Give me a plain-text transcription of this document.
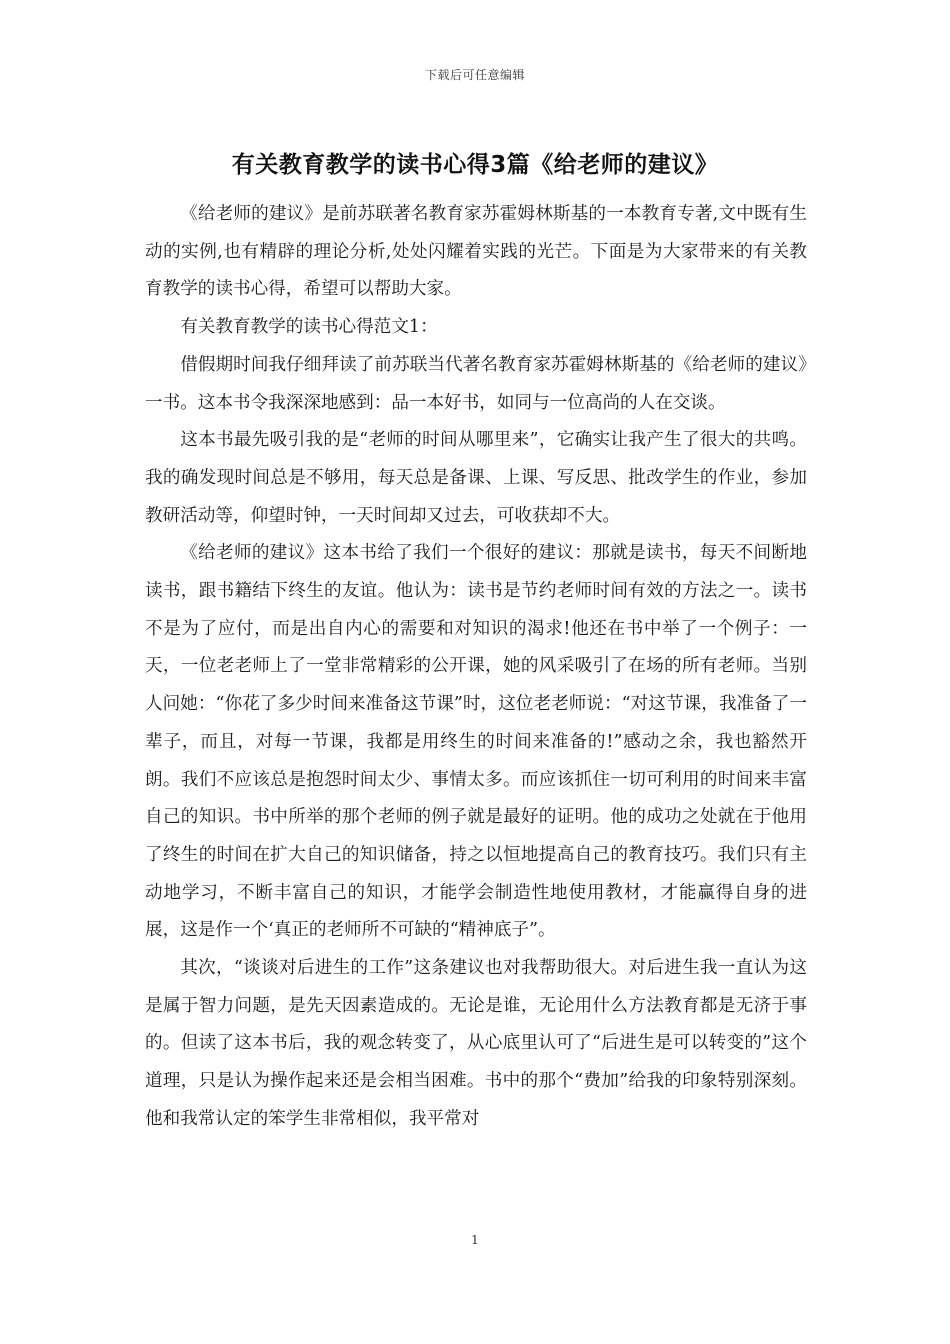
下载后可任意编辑
有关教育教学的读书心得3篇《给老师的建议》

《给老师的建议》是前苏联著名教育家苏霍姆林斯基的一本教育专著,文中既有生动的实例,也有精辟的理论分析,处处闪耀着实践的光芒。下面是为大家带来的有关教育教学的读书心得，希望可以帮助大家。

有关教育教学的读书心得范文1：

借假期时间我仔细拜读了前苏联当代著名教育家苏霍姆林斯基的《给老师的建议》一书。这本书令我深深地感到：品一本好书，如同与一位高尚的人在交谈。

这本书最先吸引我的是“老师的时间从哪里来”，它确实让我产生了很大的共鸣。我的确发现时间总是不够用，每天总是备课、上课、写反思、批改学生的作业，参加教研活动等，仰望时钟，一天时间却又过去，可收获却不大。

《给老师的建议》这本书给了我们一个很好的建议：那就是读书，每天不间断地读书，跟书籍结下终生的友谊。他认为：读书是节约老师时间有效的方法之一。读书不是为了应付，而是出自内心的需要和对知识的渴求!他还在书中举了一个例子：一天，一位老老师上了一堂非常精彩的公开课，她的风采吸引了在场的所有老师。当别人问她：“你花了多少时间来准备这节课”时，这位老老师说：“对这节课，我准备了一辈子，而且，对每一节课，我都是用终生的时间来准备的!”感动之余，我也豁然开朗。我们不应该总是抱怨时间太少、事情太多。而应该抓住一切可利用的时间来丰富自己的知识。书中所举的那个老师的例子就是最好的证明。他的成功之处就在于他用了终生的时间在扩大自己的知识储备，持之以恒地提高自己的教育技巧。我们只有主动地学习，不断丰富自己的知识，才能学会制造性地使用教材，才能赢得自身的进展，这是作一个‘真正的老师所不可缺的“精神底子”。

其次，“谈谈对后进生的工作”这条建议也对我帮助很大。对后进生我一直认为这是属于智力问题，是先天因素造成的。无论是谁，无论用什么方法教育都是无济于事的。但读了这本书后，我的观念转变了，从心底里认可了“后进生是可以转变的”这个道理，只是认为操作起来还是会相当困难。书中的那个“费加”给我的印象特别深刻。他和我常认定的笨学生非常相似，我平常对

1
